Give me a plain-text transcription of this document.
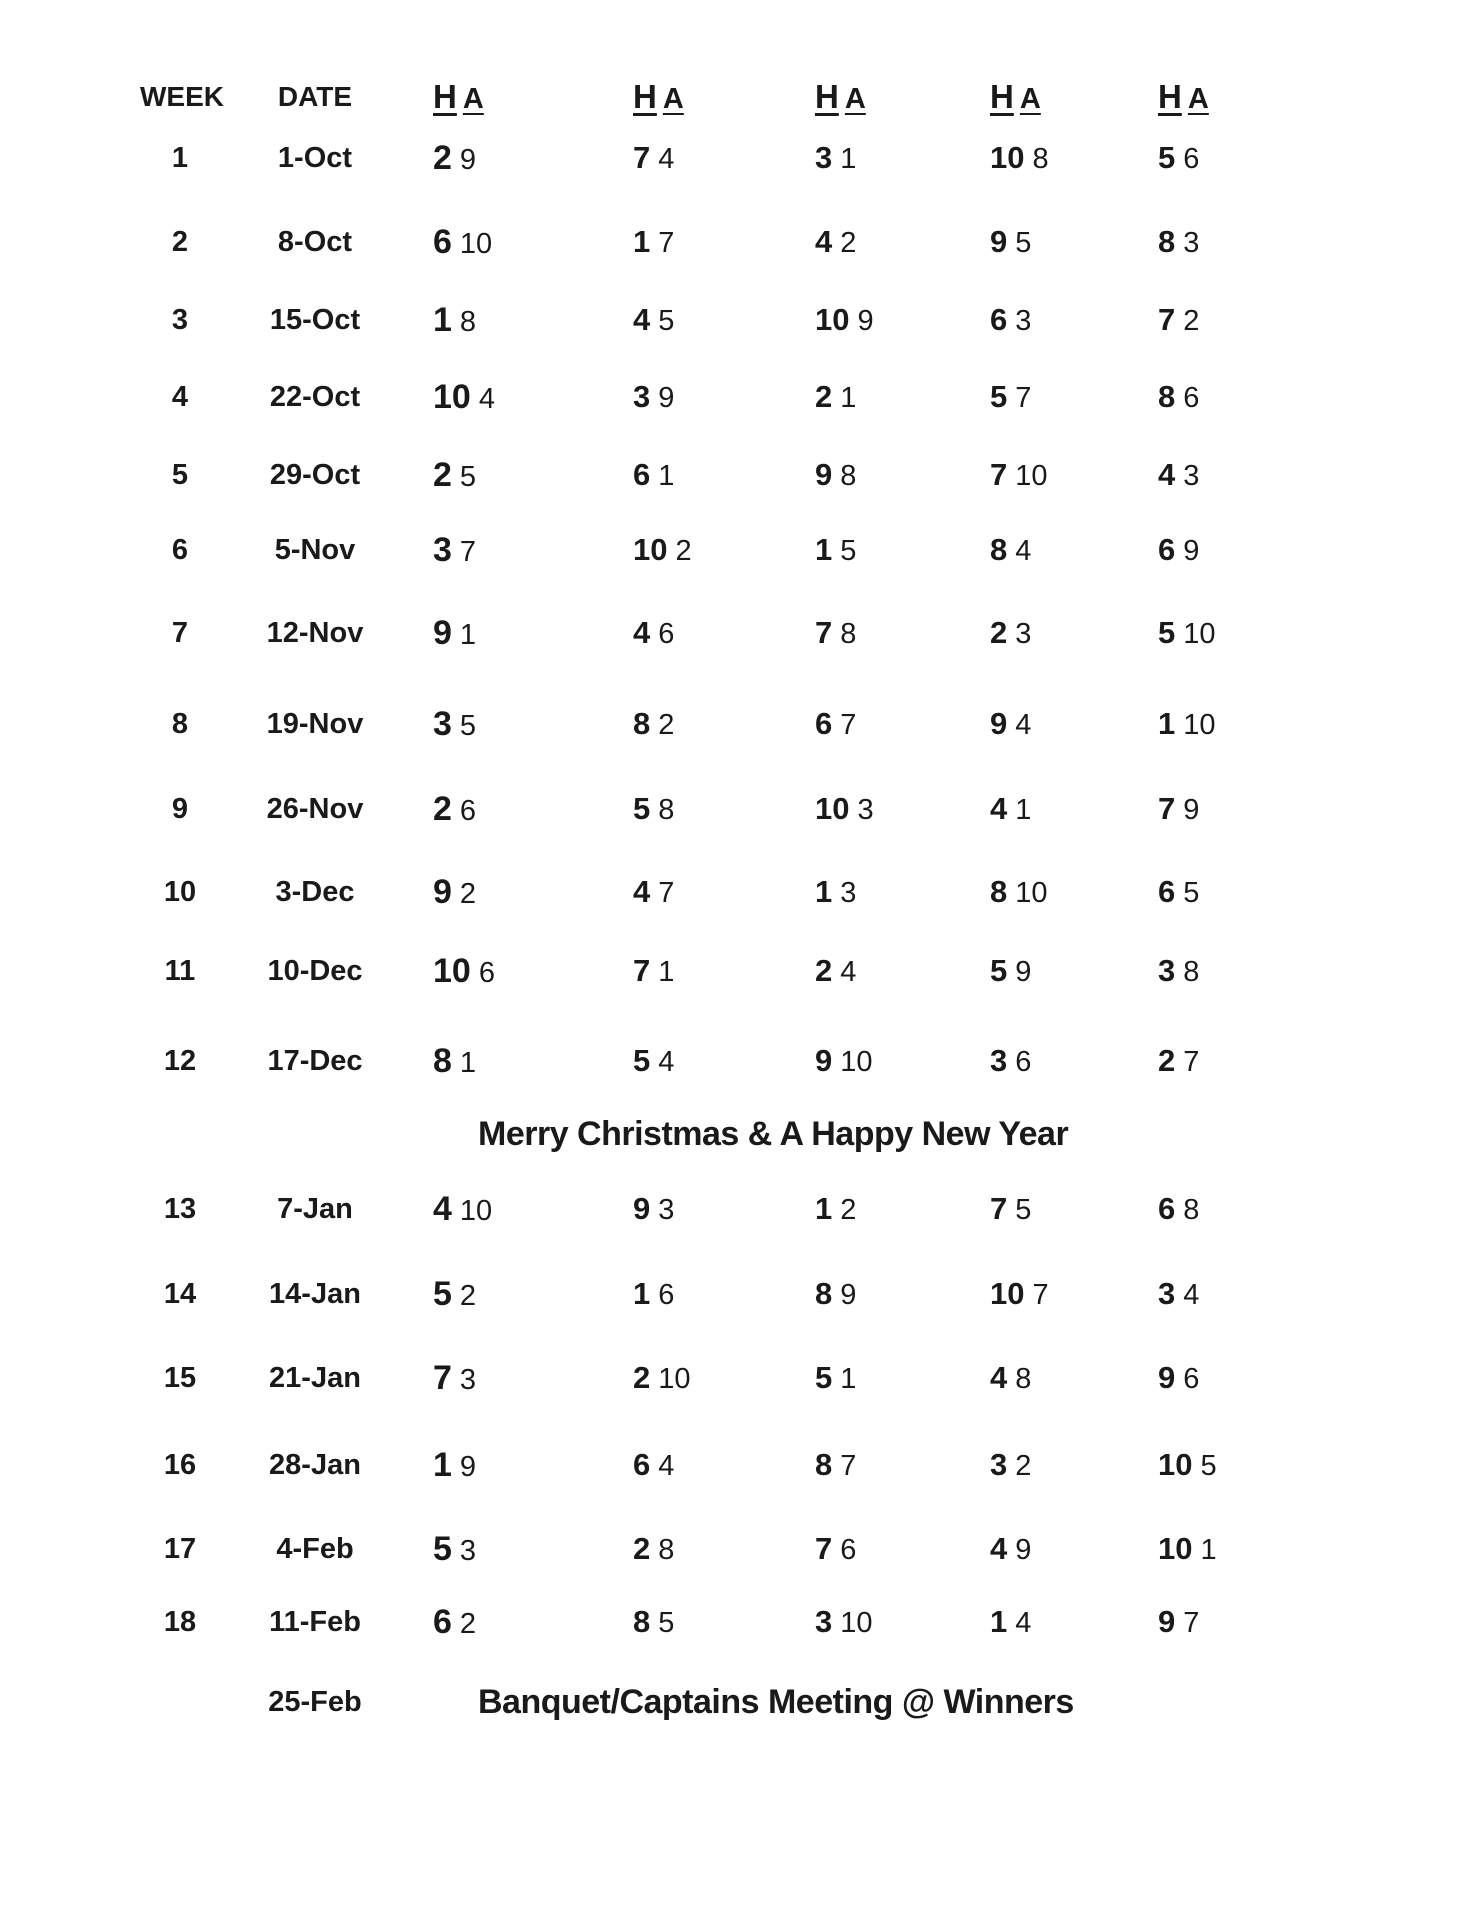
WEEK	DATE	H A	H A	H A	H A	H A
1	1-Oct	2 9	7 4	3 1	10 8	5 6
2	8-Oct	6 10	1 7	4 2	9 5	8 3
3	15-Oct	1 8	4 5	10 9	6 3	7 2
4	22-Oct	10 4	3 9	2 1	5 7	8 6
5	29-Oct	2 5	6 1	9 8	7 10	4 3
6	5-Nov	3 7	10 2	1 5	8 4	6 9
7	12-Nov	9 1	4 6	7 8	2 3	5 10
8	19-Nov	3 5	8 2	6 7	9 4	1 10
9	26-Nov	2 6	5 8	10 3	4 1	7 9
10	3-Dec	9 2	4 7	1 3	8 10	6 5
11	10-Dec	10 6	7 1	2 4	5 9	3 8
12	17-Dec	8 1	5 4	9 10	3 6	2 7
Merry Christmas & A Happy New Year
13	7-Jan	4 10	9 3	1 2	7 5	6 8
14	14-Jan	5 2	1 6	8 9	10 7	3 4
15	21-Jan	7 3	2 10	5 1	4 8	9 6
16	28-Jan	1 9	6 4	8 7	3 2	10 5
17	4-Feb	5 3	2 8	7 6	4 9	10 1
18	11-Feb	6 2	8 5	3 10	1 4	9 7
25-Feb	Banquet/Captains Meeting @ Winners
